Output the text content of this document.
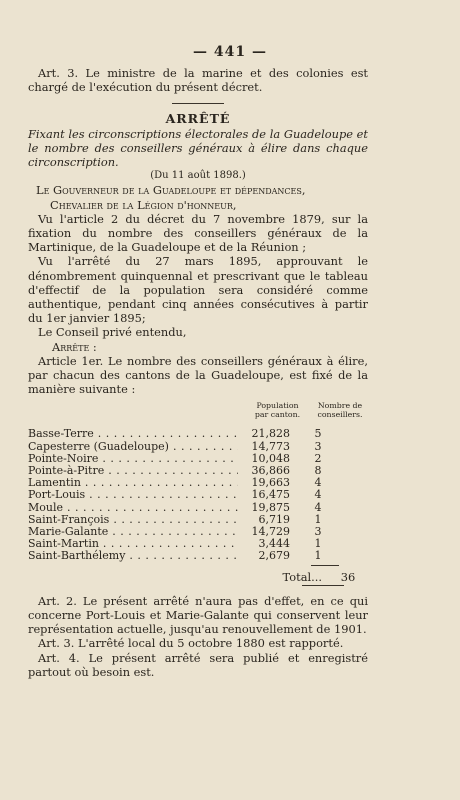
— 441 —

Art. 3. Le ministre de la marine et des colonies est chargé de l'exécution du présent décret.

ARRÊTÉ

Fixant les circonscriptions électorales de la Guadeloupe et le nombre des conseillers généraux à élire dans chaque circonscription.

(Du 11 août 1898.)

Le Gouverneur de la Guadeloupe et dépendances,

Chevalier de la Légion d'honneur,

Vu l'article 2 du décret du 7 novembre 1879, sur la fixation du nombre des conseillers généraux de la Martinique, de la Guadeloupe et de la Réunion ;

Vu l'arrêté du 27 mars 1895, approuvant le dénombrement quinquennal et prescrivant que le tableau d'effectif de la population sera considéré comme authentique, pendant cinq années consécutives à partir du 1er janvier 1895;

Le Conseil privé entendu,

Arrête :

Article 1er. Le nombre des conseillers généraux à élire, par chacun des cantons de la Guadeloupe, est fixé de la manière suivante :

Population par canton.
Nombre de conseillers.
Basse-Terre . . .	21,828	5
Capesterre (Guadeloupe) . . .	14,773	3
Pointe-Noire . . .	10,048	2
Pointe-à-Pitre . . .	36,866	8
Lamentin . . .	19,663	4
Port-Louis . . .	16,475	4
Moule . . .	19,875	4
Saint-François . . .	6,719	1
Marie-Galante . . .	14,729	3
Saint-Martin . . .	3,444	1
Saint-Barthélemy . . .	2,679	1
Total...	36

Art. 2. Le présent arrêté n'aura pas d'effet, en ce qui concerne Port-Louis et Marie-Galante qui conservent leur représentation actuelle, jusqu'au renouvellement de 1901.

Art. 3. L'arrêté local du 5 octobre 1880 est rapporté.

Art. 4. Le présent arrêté sera publié et enregistré partout où besoin est.
